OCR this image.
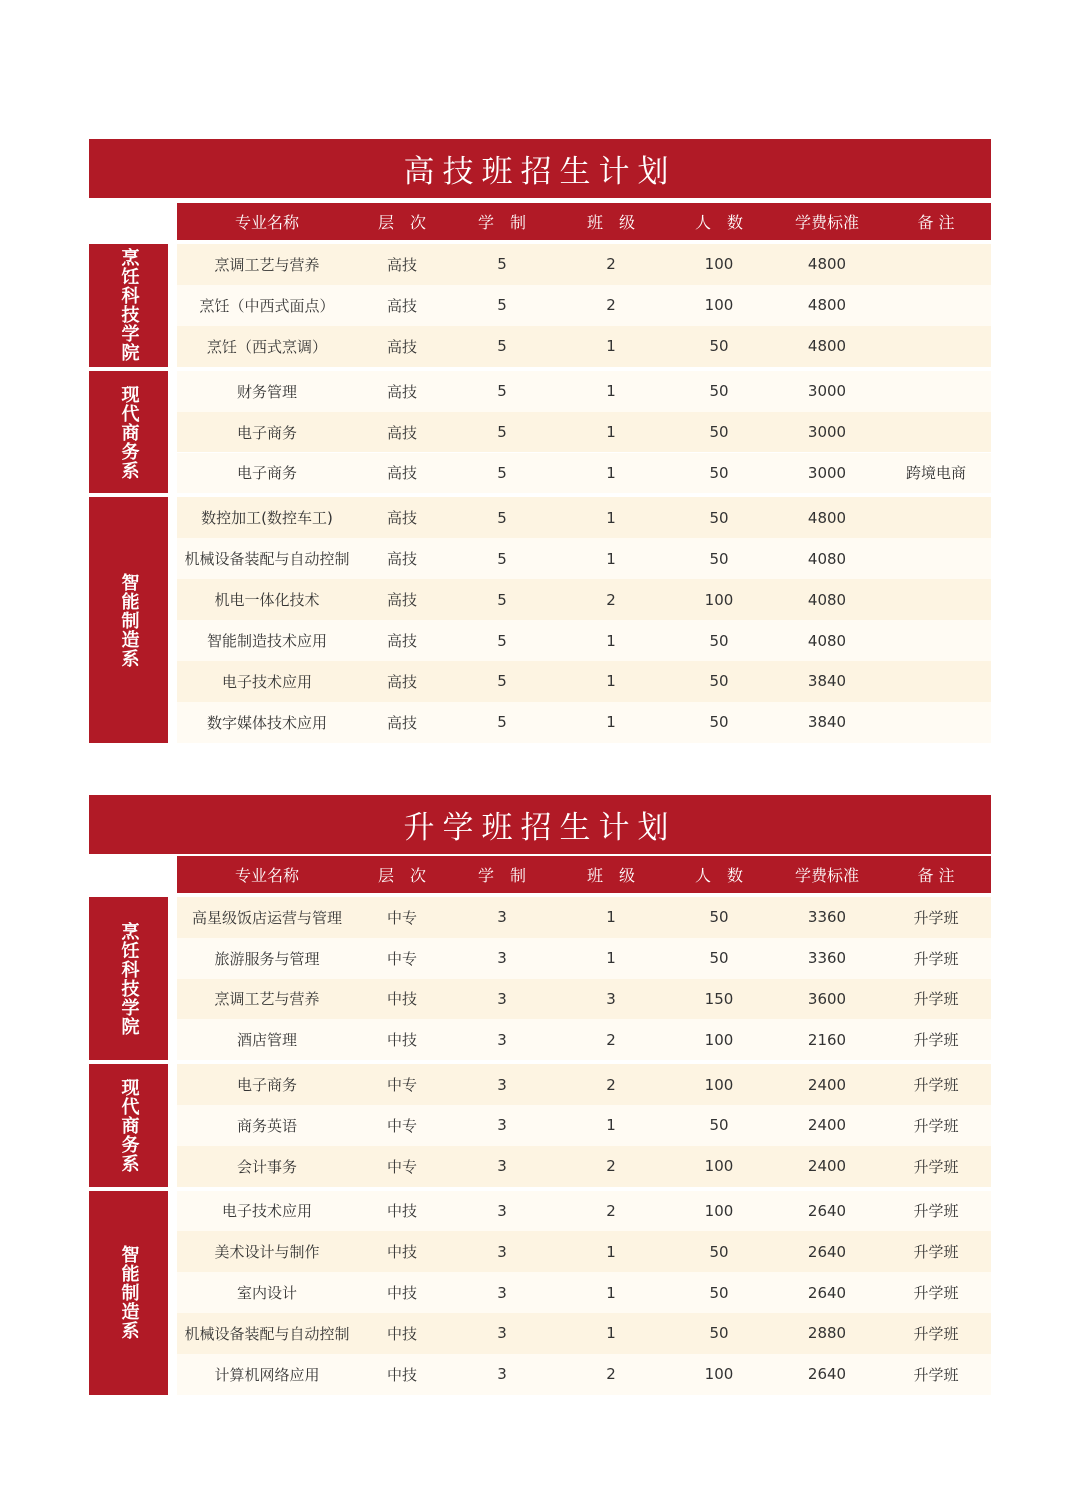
高技班招生计划
专业名称	层　次	学　制	班　级	人　数	学费标准	备 注
烹调工艺与营养	高技	5	2	100	4800
烹饪（中西式面点）	高技	5	2	100	4800
烹饪（西式烹调）	高技	5	1	50	4800
烹饪科技学院
财务管理	高技	5	1	50	3000
电子商务	高技	5	1	50	3000
电子商务	高技	5	1	50	3000	跨境电商
现代商务系
数控加工(数控车工)	高技	5	1	50	4800
机械设备装配与自动控制	高技	5	1	50	4080
机电一体化技术	高技	5	2	100	4080
智能制造技术应用	高技	5	1	50	4080
电子技术应用	高技	5	1	50	3840
数字媒体技术应用	高技	5	1	50	3840
智能制造系
升学班招生计划
专业名称	层　次	学　制	班　级	人　数	学费标准	备 注
高星级饭店运营与管理	中专	3	1	50	3360	升学班
旅游服务与管理	中专	3	1	50	3360	升学班
烹调工艺与营养	中技	3	3	150	3600	升学班
酒店管理	中技	3	2	100	2160	升学班
烹饪科技学院
电子商务	中专	3	2	100	2400	升学班
商务英语	中专	3	1	50	2400	升学班
会计事务	中专	3	2	100	2400	升学班
现代商务系
电子技术应用	中技	3	2	100	2640	升学班
美术设计与制作	中技	3	1	50	2640	升学班
室内设计	中技	3	1	50	2640	升学班
机械设备装配与自动控制	中技	3	1	50	2880	升学班
计算机网络应用	中技	3	2	100	2640	升学班
智能制造系
